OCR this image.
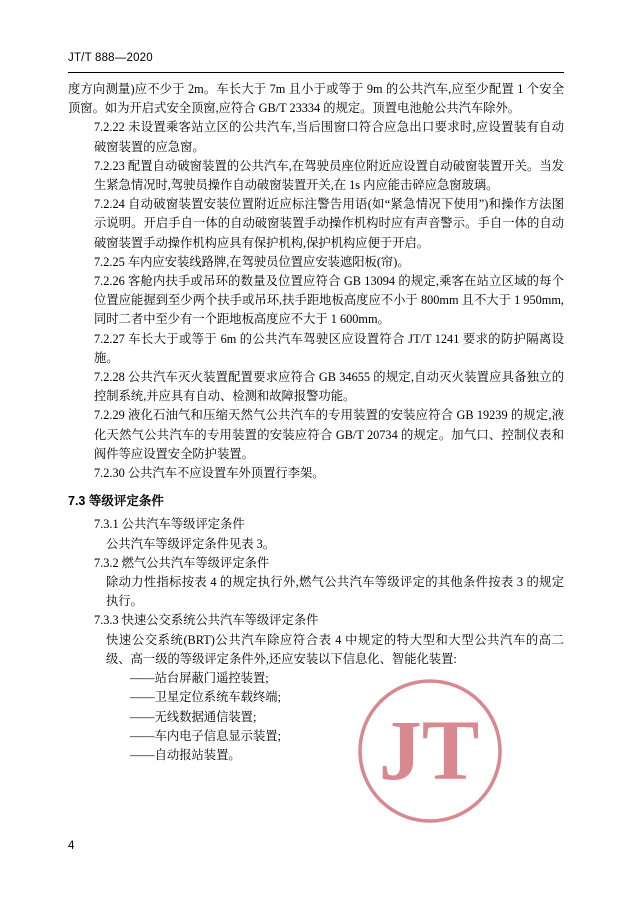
JT/T 888—2020

度方向测量)应不少于 2m。车长大于 7m 且小于或等于 9m 的公共汽车,应至少配置 1 个安全顶窗。如为开启式安全顶窗,应符合 GB/T 23334 的规定。顶置电池舱公共汽车除外。

7.2.22 未设置乘客站立区的公共汽车,当后围窗口符合应急出口要求时,应设置装有自动破窗装置的应急窗。

7.2.23 配置自动破窗装置的公共汽车,在驾驶员座位附近应设置自动破窗装置开关。当发生紧急情况时,驾驶员操作自动破窗装置开关,在 1s 内应能击碎应急窗玻璃。

7.2.24 自动破窗装置安装位置附近应标注警告用语(如“紧急情况下使用”)和操作方法图示说明。开启手自一体的自动破窗装置手动操作机构时应有声音警示。手自一体的自动破窗装置手动操作机构应具有保护机构,保护机构应便于开启。

7.2.25 车内应安装线路牌,在驾驶员位置应安装遮阳板(帘)。

7.2.26 客舱内扶手或吊环的数量及位置应符合 GB 13094 的规定,乘客在站立区域的每个位置应能握到至少两个扶手或吊环,扶手距地板高度应不小于 800mm 且不大于 1 950mm,同时二者中至少有一个距地板高度应不大于 1 600mm。

7.2.27 车长大于或等于 6m 的公共汽车驾驶区应设置符合 JT/T 1241 要求的防护隔离设施。

7.2.28 公共汽车灭火装置配置要求应符合 GB 34655 的规定,自动灭火装置应具备独立的控制系统,并应具有自动、检测和故障报警功能。

7.2.29 液化石油气和压缩天然气公共汽车的专用装置的安装应符合 GB 19239 的规定,液化天然气公共汽车的专用装置的安装应符合 GB/T 20734 的规定。加气口、控制仪表和阀件等应设置安全防护装置。

7.2.30 公共汽车不应设置车外顶置行李架。

7.3 等级评定条件

7.3.1 公共汽车等级评定条件

公共汽车等级评定条件见表 3。

7.3.2 燃气公共汽车等级评定条件

除动力性指标按表 4 的规定执行外,燃气公共汽车等级评定的其他条件按表 3 的规定执行。

7.3.3 快速公交系统公共汽车等级评定条件

快速公交系统(BRT)公共汽车除应符合表 4 中规定的特大型和大型公共汽车的高二级、高一级的等级评定条件外,还应安装以下信息化、智能化装置:

——站台屏蔽门遥控装置;

——卫星定位系统车载终端;

——无线数据通信装置;

——车内电子信息显示装置;

——自动报站装置。

4
JT
